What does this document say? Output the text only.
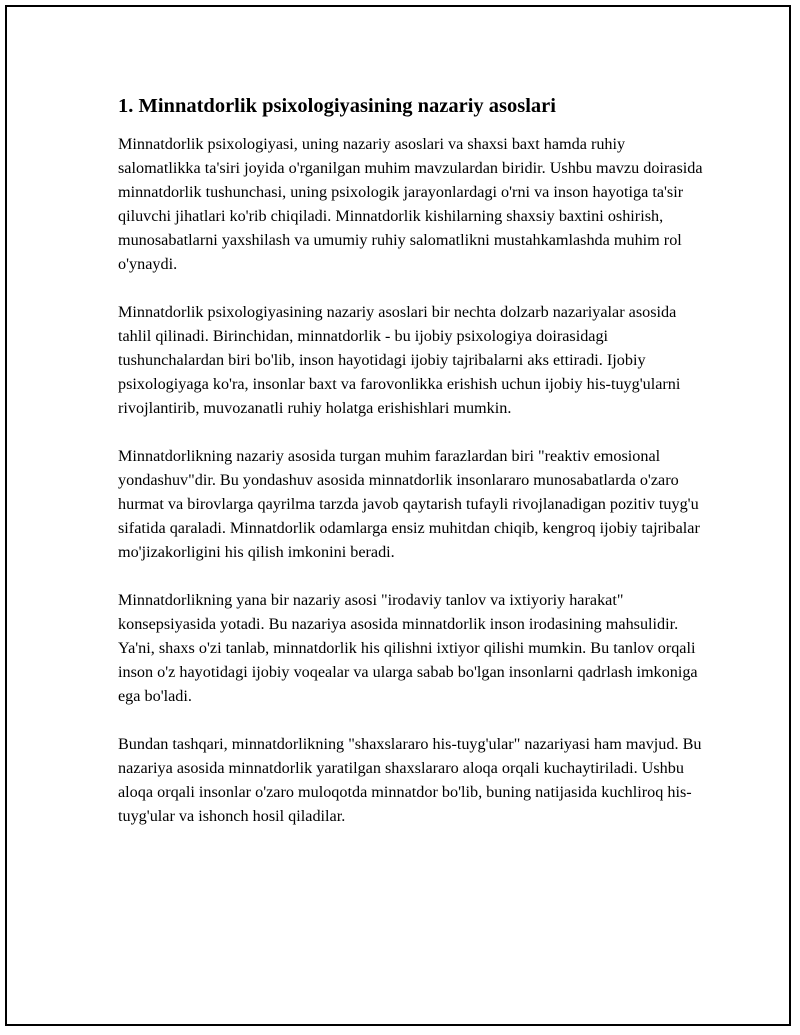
1. Minnatdorlik psixologiyasining nazariy asoslari

Minnatdorlik psixologiyasi, uning nazariy asoslari va shaxsi baxt hamda ruhiy salomatlikka ta'siri joyida o'rganilgan muhim mavzulardan biridir. Ushbu mavzu doirasida minnatdorlik tushunchasi, uning psixologik jarayonlardagi o'rni va inson hayotiga ta'sir qiluvchi jihatlari ko'rib chiqiladi. Minnatdorlik kishilarning shaxsiy baxtini oshirish, munosabatlarni yaxshilash va umumiy ruhiy salomatlikni mustahkamlashda muhim rol o'ynaydi.

Minnatdorlik psixologiyasining nazariy asoslari bir nechta dolzarb nazariyalar asosida tahlil qilinadi. Birinchidan, minnatdorlik - bu ijobiy psixologiya doirasidagi tushunchalardan biri bo'lib, inson hayotidagi ijobiy tajribalarni aks ettiradi. Ijobiy psixologiyaga ko'ra, insonlar baxt va farovonlikka erishish uchun ijobiy his-tuyg'ularni rivojlantirib, muvozanatli ruhiy holatga erishishlari mumkin.

Minnatdorlikning nazariy asosida turgan muhim farazlardan biri "reaktiv emosional yondashuv"dir. Bu yondashuv asosida minnatdorlik insonlararo munosabatlarda o'zaro hurmat va birovlarga qayrilma tarzda javob qaytarish tufayli rivojlanadigan pozitiv tuyg'u sifatida qaraladi. Minnatdorlik odamlarga ensiz muhitdan chiqib, kengroq ijobiy tajribalar mo'jizakorligini his qilish imkonini beradi.

Minnatdorlikning yana bir nazariy asosi "irodaviy tanlov va ixtiyoriy harakat" konsepsiyasida yotadi. Bu nazariya asosida minnatdorlik inson irodasining mahsulidir. Ya'ni, shaxs o'zi tanlab, minnatdorlik his qilishni ixtiyor qilishi mumkin. Bu tanlov orqali inson o'z hayotidagi ijobiy voqealar va ularga sabab bo'lgan insonlarni qadrlash imkoniga ega bo'ladi.

Bundan tashqari, minnatdorlikning "shaxslararo his-tuyg'ular" nazariyasi ham mavjud. Bu nazariya asosida minnatdorlik yaratilgan shaxslararo aloqa orqali kuchaytiriladi. Ushbu aloqa orqali insonlar o'zaro muloqotda minnatdor bo'lib, buning natijasida kuchliroq his-tuyg'ular va ishonch hosil qiladilar.
